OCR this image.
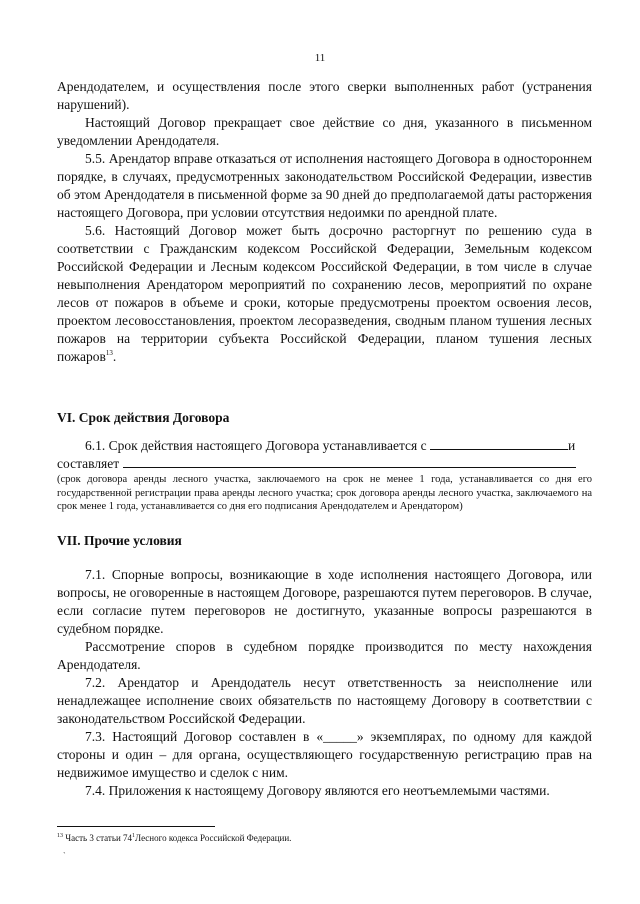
11

Арендодателем, и осуществления после этого сверки выполненных работ (устранения нарушений).

Настоящий Договор прекращает свое действие со дня, указанного в письменном уведомлении Арендодателя.

5.5. Арендатор вправе отказаться от исполнения настоящего Договора в одностороннем порядке, в случаях, предусмотренных законодательством Российской Федерации, известив об этом Арендодателя в письменной форме за 90 дней до предполагаемой даты расторжения настоящего Договора, при условии отсутствия недоимки по арендной плате.

5.6. Настоящий Договор может быть досрочно расторгнут по решению суда в соответствии с Гражданским кодексом Российской Федерации, Земельным кодексом Российской Федерации и Лесным кодексом Российской Федерации, в том числе в случае невыполнения Арендатором мероприятий по сохранению лесов, мероприятий по охране лесов от пожаров в объеме и сроки, которые предусмотрены проектом освоения лесов, проектом лесовосстановления, проектом лесоразведения, сводным планом тушения лесных пожаров на территории субъекта Российской Федерации, планом тушения лесных пожаров$^{13}$.

VI. Срок действия Договора

6.1. Срок действия настоящего Договора устанавливается с	и

составляет

(срок договора аренды лесного участка, заключаемого на срок не менее 1 года, устанавливается со дня его государственной регистрации права аренды лесного участка; срок договора аренды лесного участка, заключаемого на срок менее 1 года, устанавливается со дня его подписания Арендодателем и Арендатором)

VII. Прочие условия

7.1. Спорные вопросы, возникающие в ходе исполнения настоящего Договора, или вопросы, не оговоренные в настоящем Договоре, разрешаются путем переговоров. В случае, если согласие путем переговоров не достигнуто, указанные вопросы разрешаются в судебном порядке.

Рассмотрение споров в судебном порядке производится по месту нахождения Арендодателя.

7.2. Арендатор и Арендодатель несут ответственность за неисполнение или ненадлежащее исполнение своих обязательств по настоящему Договору в соответствии с законодательством Российской Федерации.

7.3. Настоящий Договор составлен в «_____» экземплярах, по одному для каждой стороны и один – для органа, осуществляющего государственную регистрацию прав на недвижимое имущество и сделок с ним.

7.4. Приложения к настоящему Договору являются его неотъемлемыми частями.

$^{13}$ Часть 3 статьи $74^1Лесного$ кодекса Российской Федерации.
`
